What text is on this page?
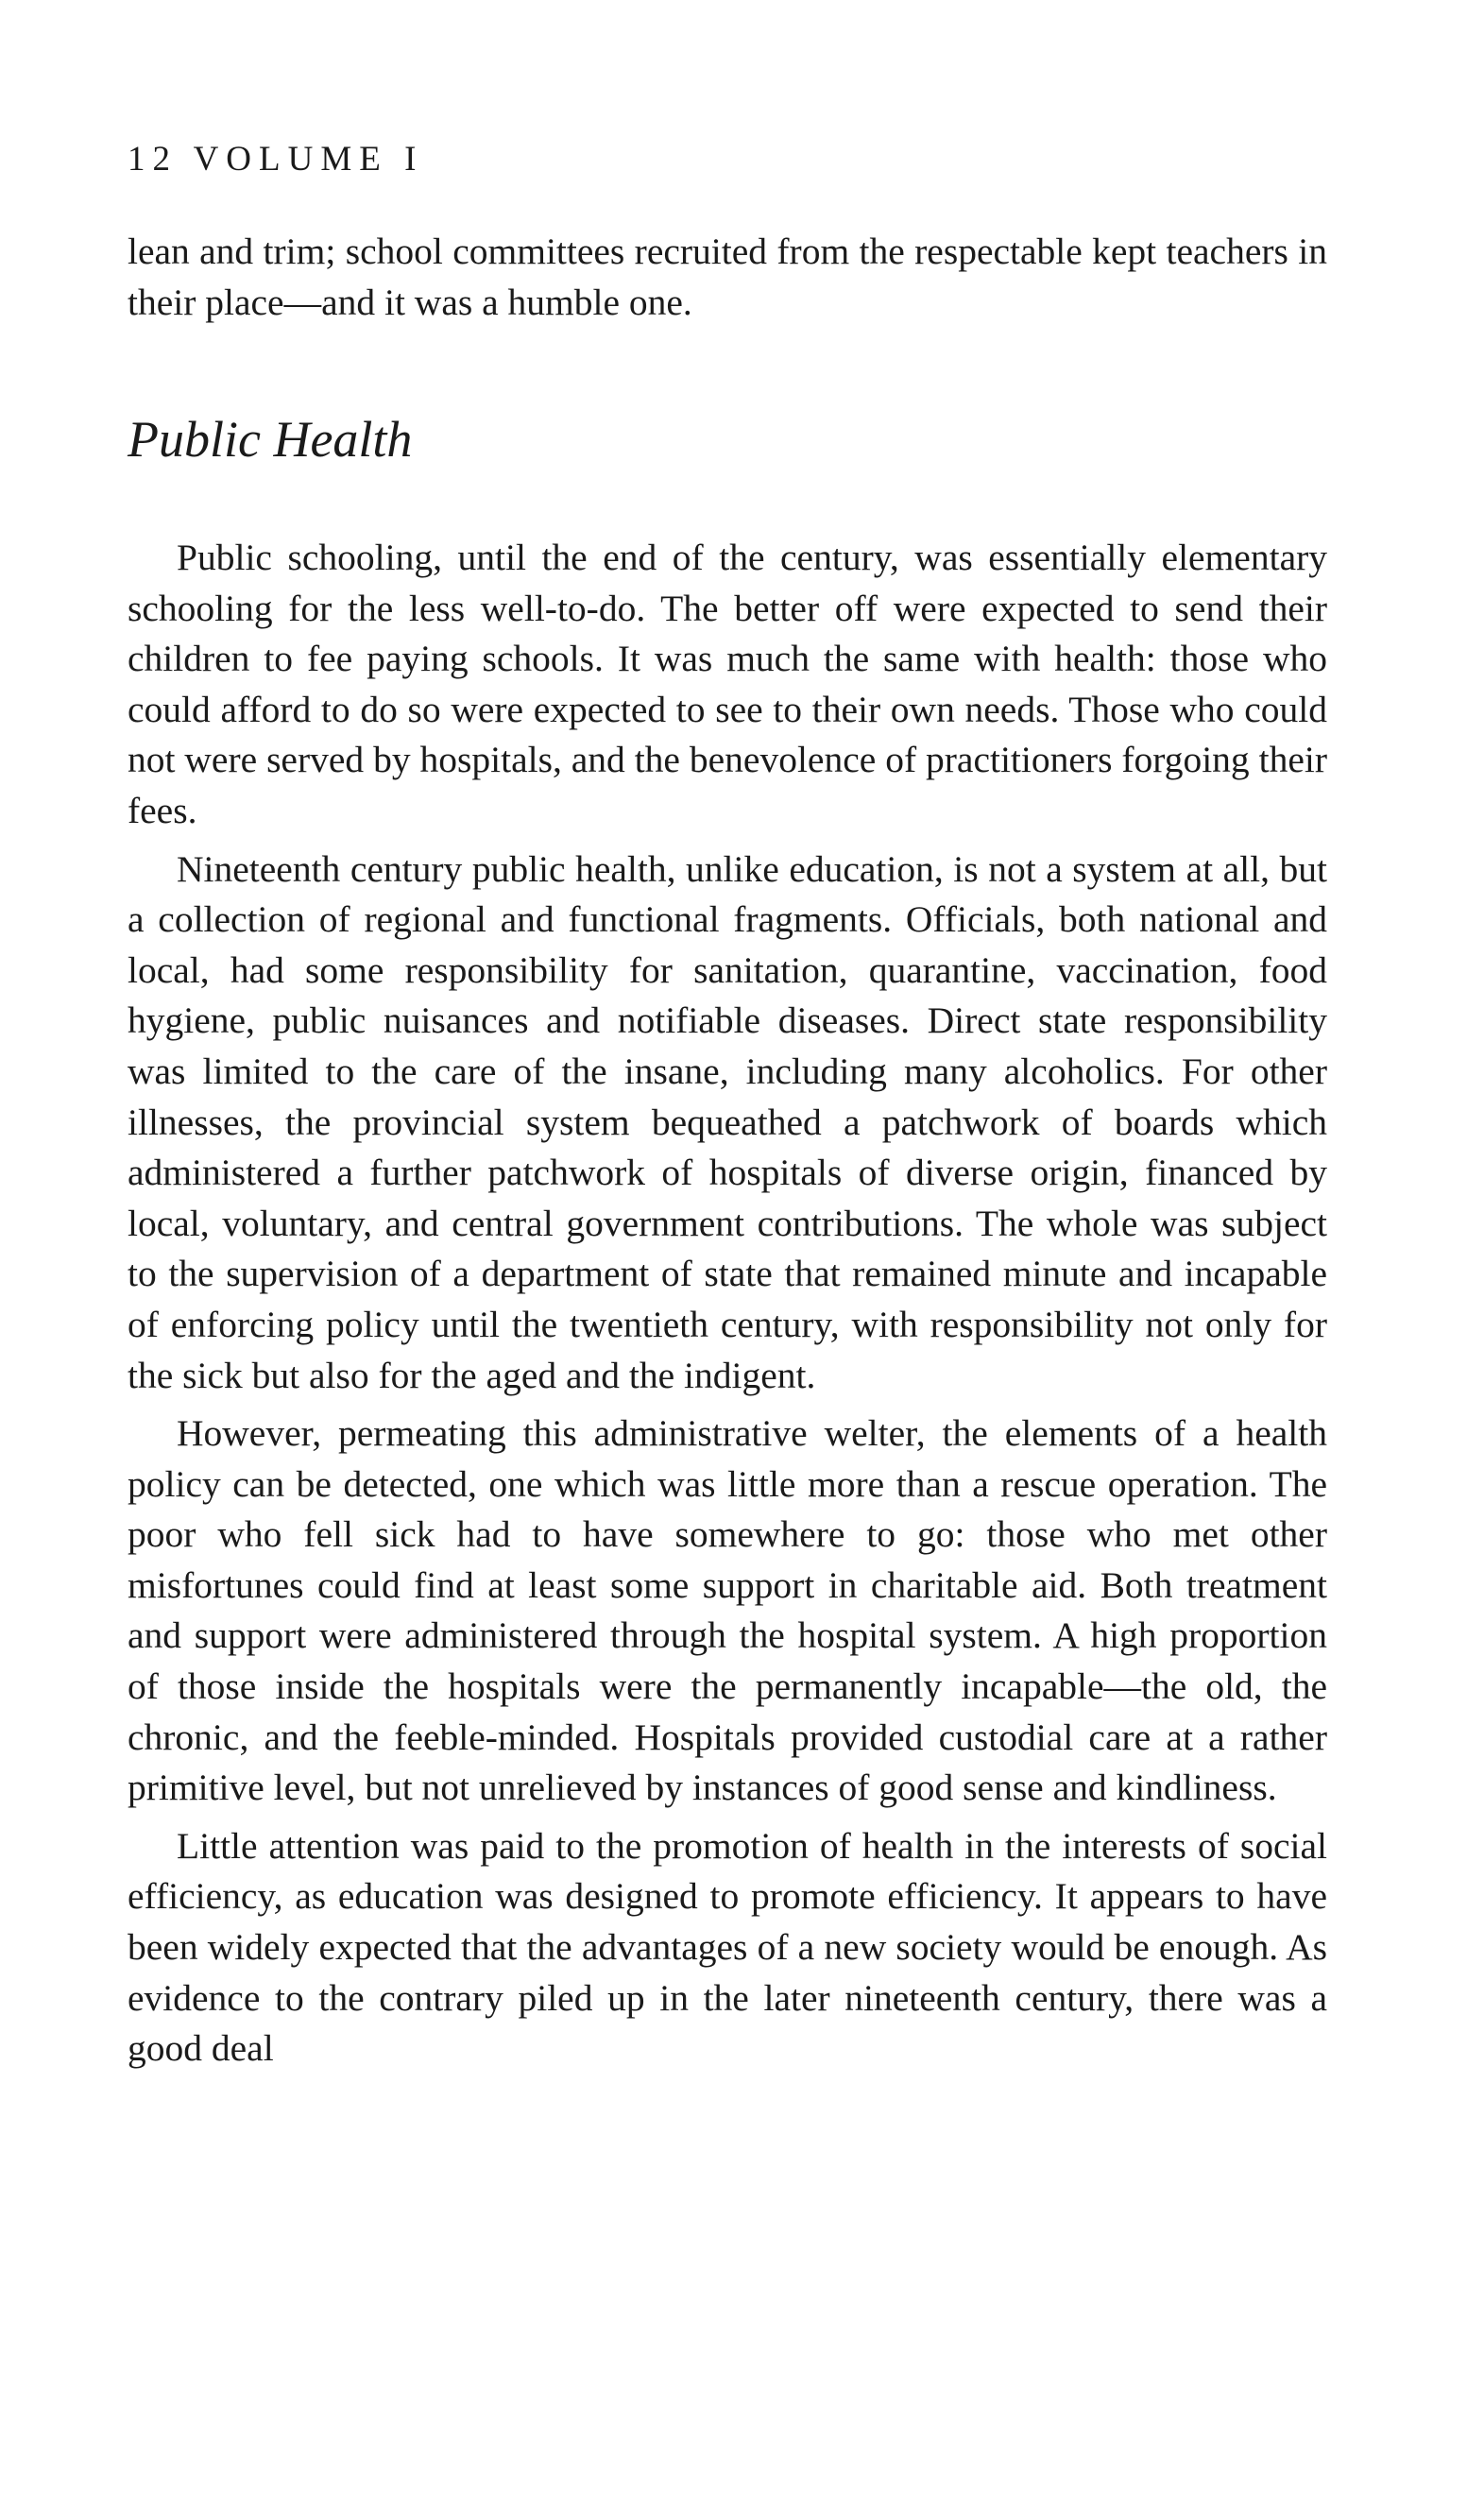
12 VOLUME I

lean and trim; school committees recruited from the respectable kept teachers in their place—and it was a humble one.

Public Health

Public schooling, until the end of the century, was essentially elementary schooling for the less well-to-do. The better off were expected to send their children to fee paying schools. It was much the same with health: those who could afford to do so were expected to see to their own needs. Those who could not were served by hospitals, and the benevolence of practitioners forgoing their fees.

Nineteenth century public health, unlike education, is not a system at all, but a collection of regional and functional fragments. Officials, both national and local, had some responsibility for sanitation, quarantine, vaccination, food hygiene, public nuisances and notifiable diseases. Direct state responsibility was limited to the care of the insane, including many alcoholics. For other illnesses, the provincial system bequeathed a patchwork of boards which administered a further patchwork of hospitals of diverse origin, financed by local, voluntary, and central government contributions. The whole was subject to the supervision of a department of state that remained minute and incapable of enforcing policy until the twentieth century, with responsibility not only for the sick but also for the aged and the indigent.

However, permeating this administrative welter, the elements of a health policy can be detected, one which was little more than a rescue operation. The poor who fell sick had to have somewhere to go: those who met other misfortunes could find at least some support in charitable aid. Both treatment and support were administered through the hospital system. A high proportion of those inside the hospitals were the permanently incapable—the old, the chronic, and the feeble-minded. Hospitals provided custodial care at a rather primitive level, but not unrelieved by instances of good sense and kindliness.

Little attention was paid to the promotion of health in the interests of social efficiency, as education was designed to promote efficiency. It appears to have been widely expected that the advantages of a new society would be enough. As evidence to the contrary piled up in the later nineteenth century, there was a good deal
